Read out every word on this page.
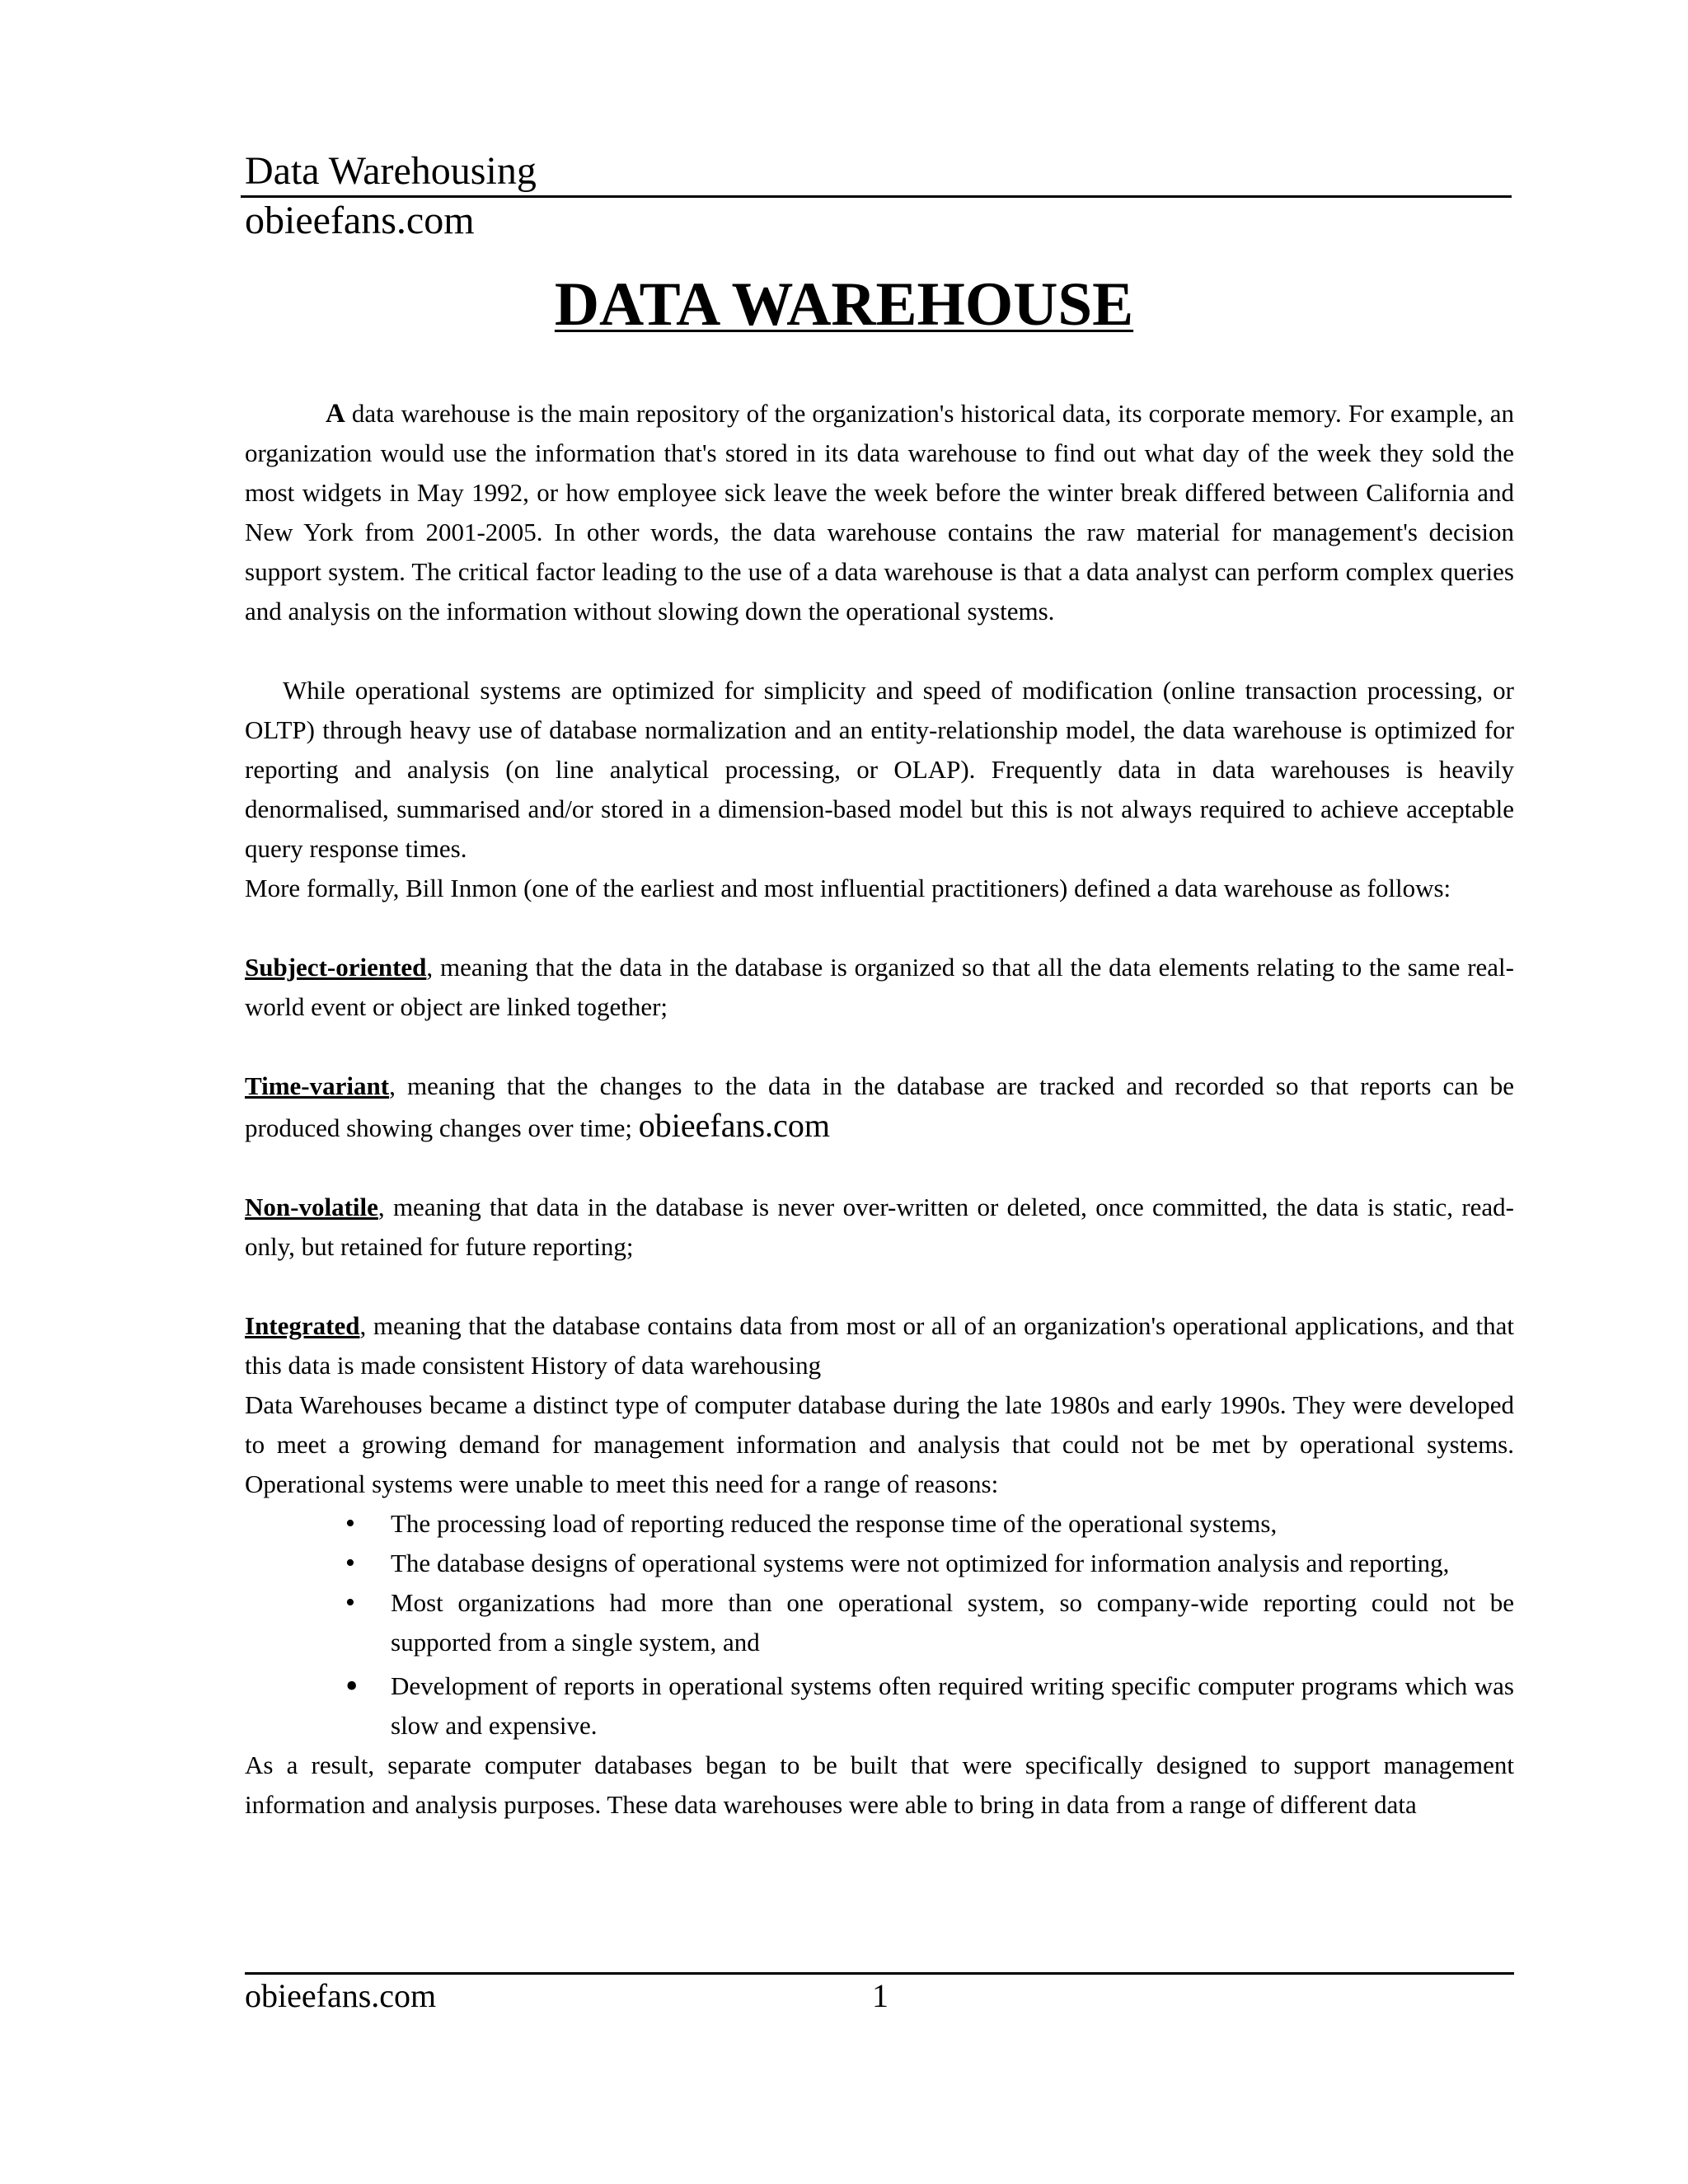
Data Warehousing
obieefans.com
DATA WAREHOUSE

A data warehouse is the main repository of the organization's historical data, its corporate memory. For example, an organization would use the information that's stored in its data warehouse to find out what day of the week they sold the most widgets in May 1992, or how employee sick leave the week before the winter break differed between California and New York from 2001-2005. In other words, the data warehouse contains the raw material for management's decision support system. The critical factor leading to the use of a data warehouse is that a data analyst can perform complex queries and analysis on the information without slowing down the operational systems.

While operational systems are optimized for simplicity and speed of modification (online transaction processing, or OLTP) through heavy use of database normalization and an entity-relationship model, the data warehouse is optimized for reporting and analysis (on line analytical processing, or OLAP). Frequently data in data warehouses is heavily denormalised, summarised and/or stored in a dimension-based model but this is not always required to achieve acceptable query response times.

More formally, Bill Inmon (one of the earliest and most influential practitioners) defined a data warehouse as follows:

Subject-oriented, meaning that the data in the database is organized so that all the data elements relating to the same real-world event or object are linked together;

Time-variant, meaning that the changes to the data in the database are tracked and recorded so that reports can be produced showing changes over time; obieefans.com

Non-volatile, meaning that data in the database is never over-written or deleted, once committed, the data is static, read-only, but retained for future reporting;

Integrated, meaning that the database contains data from most or all of an organization's operational applications, and that this data is made consistent History of data warehousing

Data Warehouses became a distinct type of computer database during the late 1980s and early 1990s. They were developed to meet a growing demand for management information and analysis that could not be met by operational systems. Operational systems were unable to meet this need for a range of reasons:

• The processing load of reporting reduced the response time of the operational systems,
• The database designs of operational systems were not optimized for information analysis and reporting,
• Most organizations had more than one operational system, so company-wide reporting could not be supported from a single system, and
• Development of reports in operational systems often required writing specific computer programs which was slow and expensive.

As a result, separate computer databases began to be built that were specifically designed to support management information and analysis purposes. These data warehouses were able to bring in data from a range of different data

obieefans.com	1
